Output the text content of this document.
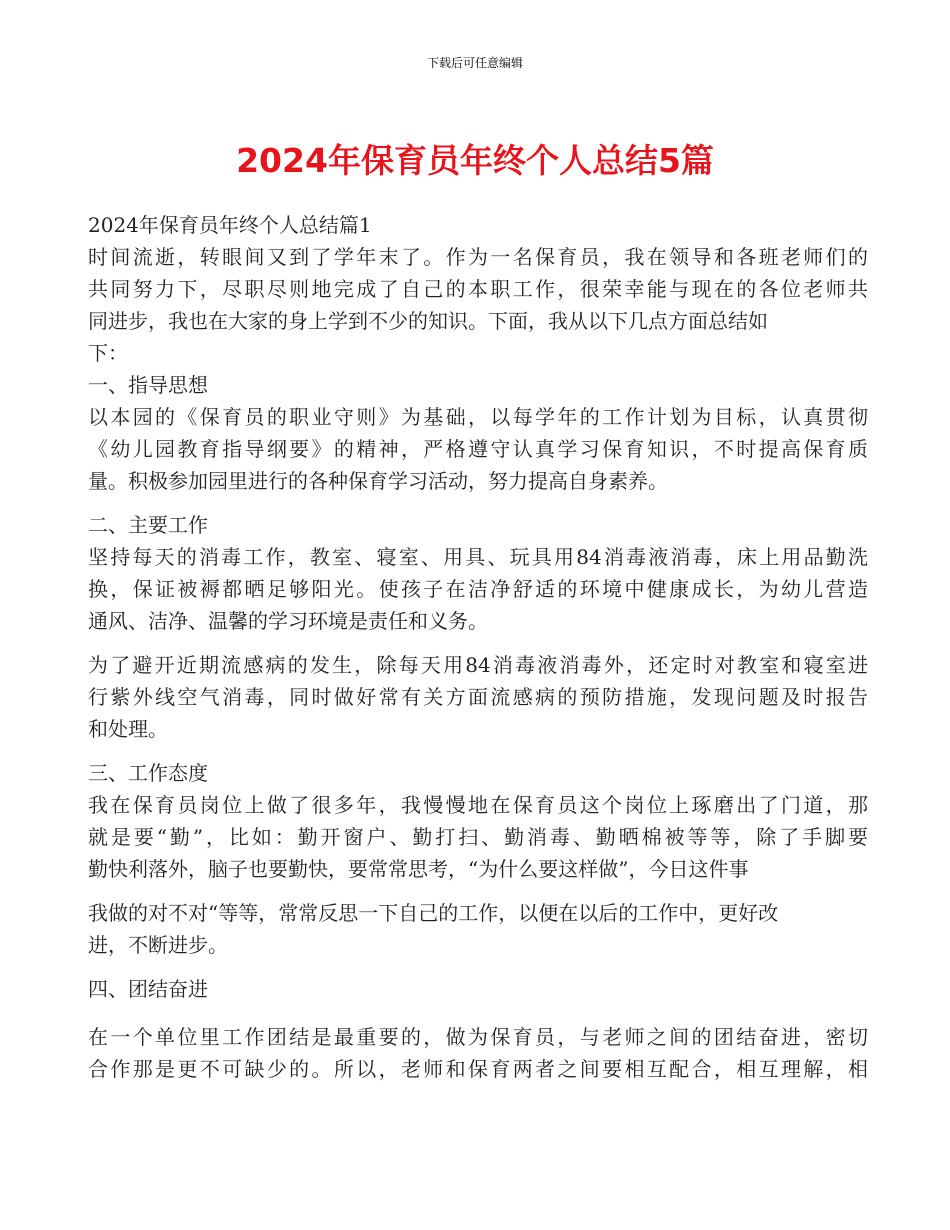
下载后可任意编辑
2024年保育员年终个人总结5篇
2024年保育员年终个人总结篇1
时间流逝，转眼间又到了学年末了。作为一名保育员，我在领导和各班老师们的
共同努力下，尽职尽则地完成了自己的本职工作，很荣幸能与现在的各位老师共
同进步，我也在大家的身上学到不少的知识。下面，我从以下几点方面总结如
下：
一、指导思想
以本园的《保育员的职业守则》为基础，以每学年的工作计划为目标，认真贯彻
《幼儿园教育指导纲要》的精神，严格遵守认真学习保育知识，不时提高保育质
量。积极参加园里进行的各种保育学习活动，努力提高自身素养。
二、主要工作
坚持每天的消毒工作，教室、寝室、用具、玩具用84消毒液消毒，床上用品勤洗
换，保证被褥都晒足够阳光。使孩子在洁净舒适的环境中健康成长，为幼儿营造
通风、洁净、温馨的学习环境是责任和义务。
为了避开近期流感病的发生，除每天用84消毒液消毒外，还定时对教室和寝室进
行紫外线空气消毒，同时做好常有关方面流感病的预防措施，发现问题及时报告
和处理。
三、工作态度
我在保育员岗位上做了很多年，我慢慢地在保育员这个岗位上琢磨出了门道，那
就是要“勤”，比如：勤开窗户、勤打扫、勤消毒、勤晒棉被等等，除了手脚要
勤快利落外，脑子也要勤快，要常常思考，“为什么要这样做”，今日这件事
我做的对不对“等等，常常反思一下自己的工作，以便在以后的工作中，更好改
进，不断进步。
四、团结奋进
在一个单位里工作团结是最重要的，做为保育员，与老师之间的团结奋进，密切
合作那是更不可缺少的。所以，老师和保育两者之间要相互配合，相互理解，相
